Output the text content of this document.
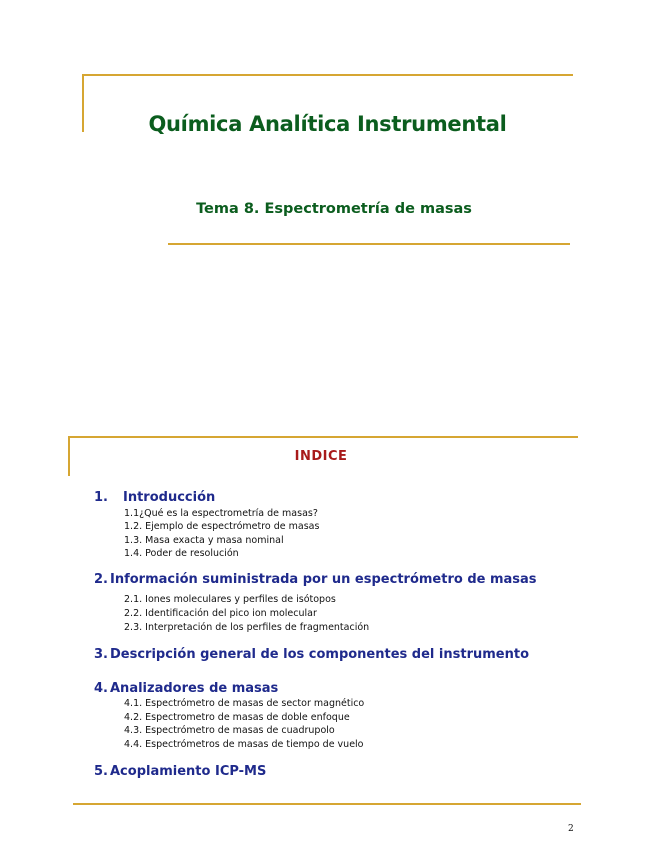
Química Analítica Instrumental
Tema 8. Espectrometría de masas
INDICE
1. Introducción
1.1¿Qué es la espectrometría de masas?
1.2. Ejemplo de espectrómetro de masas
1.3. Masa exacta y masa nominal
1.4. Poder de resolución
2. Información suministrada por un espectrómetro de masas
2.1. Iones moleculares y perfiles de isótopos
2.2. Identificación del pico ion molecular
2.3. Interpretación de los perfiles de fragmentación
3. Descripción general de los componentes del instrumento
4. Analizadores de masas
4.1. Espectrómetro de masas de sector magnético
4.2. Espectrometro de masas de doble enfoque
4.3. Espectrómetro de masas de cuadrupolo
4.4. Espectrómetros de masas de tiempo de vuelo
5. Acoplamiento ICP-MS
2
